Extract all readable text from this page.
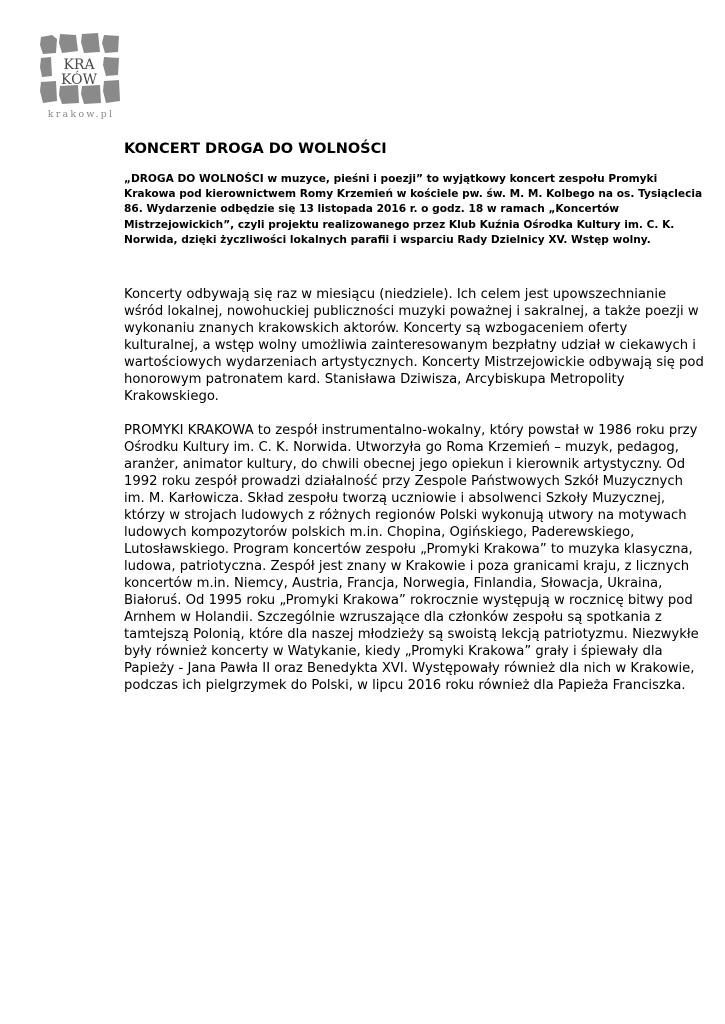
KRA
KÓW
krakow.pl
KONCERT DROGA DO WOLNOŚCI

„DROGA DO WOLNOŚCI w muzyce, pieśni i poezji” to wyjątkowy koncert zespołu Promyki Krakowa pod kierownictwem Romy Krzemień w kościele pw. św. M. M. Kolbego na os. Tysiąclecia 86. Wydarzenie odbędzie się 13 listopada 2016 r. o godz. 18 w ramach „Koncertów Mistrzejowickich”, czyli projektu realizowanego przez Klub Kuźnia Ośrodka Kultury im. C. K. Norwida, dzięki życzliwości lokalnych parafii i wsparciu Rady Dzielnicy XV. Wstęp wolny.

Koncerty odbywają się raz w miesiącu (niedziele). Ich celem jest upowszechnianie wśród lokalnej, nowohuckiej publiczności muzyki poważnej i sakralnej, a także poezji w wykonaniu znanych krakowskich aktorów. Koncerty są wzbogaceniem oferty kulturalnej, a wstęp wolny umożliwia zainteresowanym bezpłatny udział w ciekawych i wartościowych wydarzeniach artystycznych. Koncerty Mistrzejowickie odbywają się pod honorowym patronatem kard. Stanisława Dziwisza, Arcybiskupa Metropolity Krakowskiego.

PROMYKI KRAKOWA to zespół instrumentalno-wokalny, który powstał w 1986 roku przy Ośrodku Kultury im. C. K. Norwida. Utworzyła go Roma Krzemień – muzyk, pedagog, aranżer, animator kultury, do chwili obecnej jego opiekun i kierownik artystyczny. Od 1992 roku zespół prowadzi działalność przy Zespole Państwowych Szkół Muzycznych im. M. Karłowicza. Skład zespołu tworzą uczniowie i absolwenci Szkoły Muzycznej, którzy w strojach ludowych z różnych regionów Polski wykonują utwory na motywach ludowych kompozytorów polskich m.in. Chopina, Ogińskiego, Paderewskiego, Lutosławskiego. Program koncertów zespołu „Promyki Krakowa” to muzyka klasyczna, ludowa, patriotyczna. Zespół jest znany w Krakowie i poza granicami kraju, z licznych koncertów m.in. Niemcy, Austria, Francja, Norwegia, Finlandia, Słowacja, Ukraina, Białoruś. Od 1995 roku „Promyki Krakowa” rokrocznie występują w rocznicę bitwy pod Arnhem w Holandii. Szczególnie wzruszające dla członków zespołu są spotkania z tamtejszą Polonią, które dla naszej młodzieży są swoistą lekcją patriotyzmu. Niezwykłe były również koncerty w Watykanie, kiedy „Promyki Krakowa” grały i śpiewały dla Papieży - Jana Pawła II oraz Benedykta XVI. Występowały również dla nich w Krakowie, podczas ich pielgrzymek do Polski, w lipcu 2016 roku również dla Papieża Franciszka.
